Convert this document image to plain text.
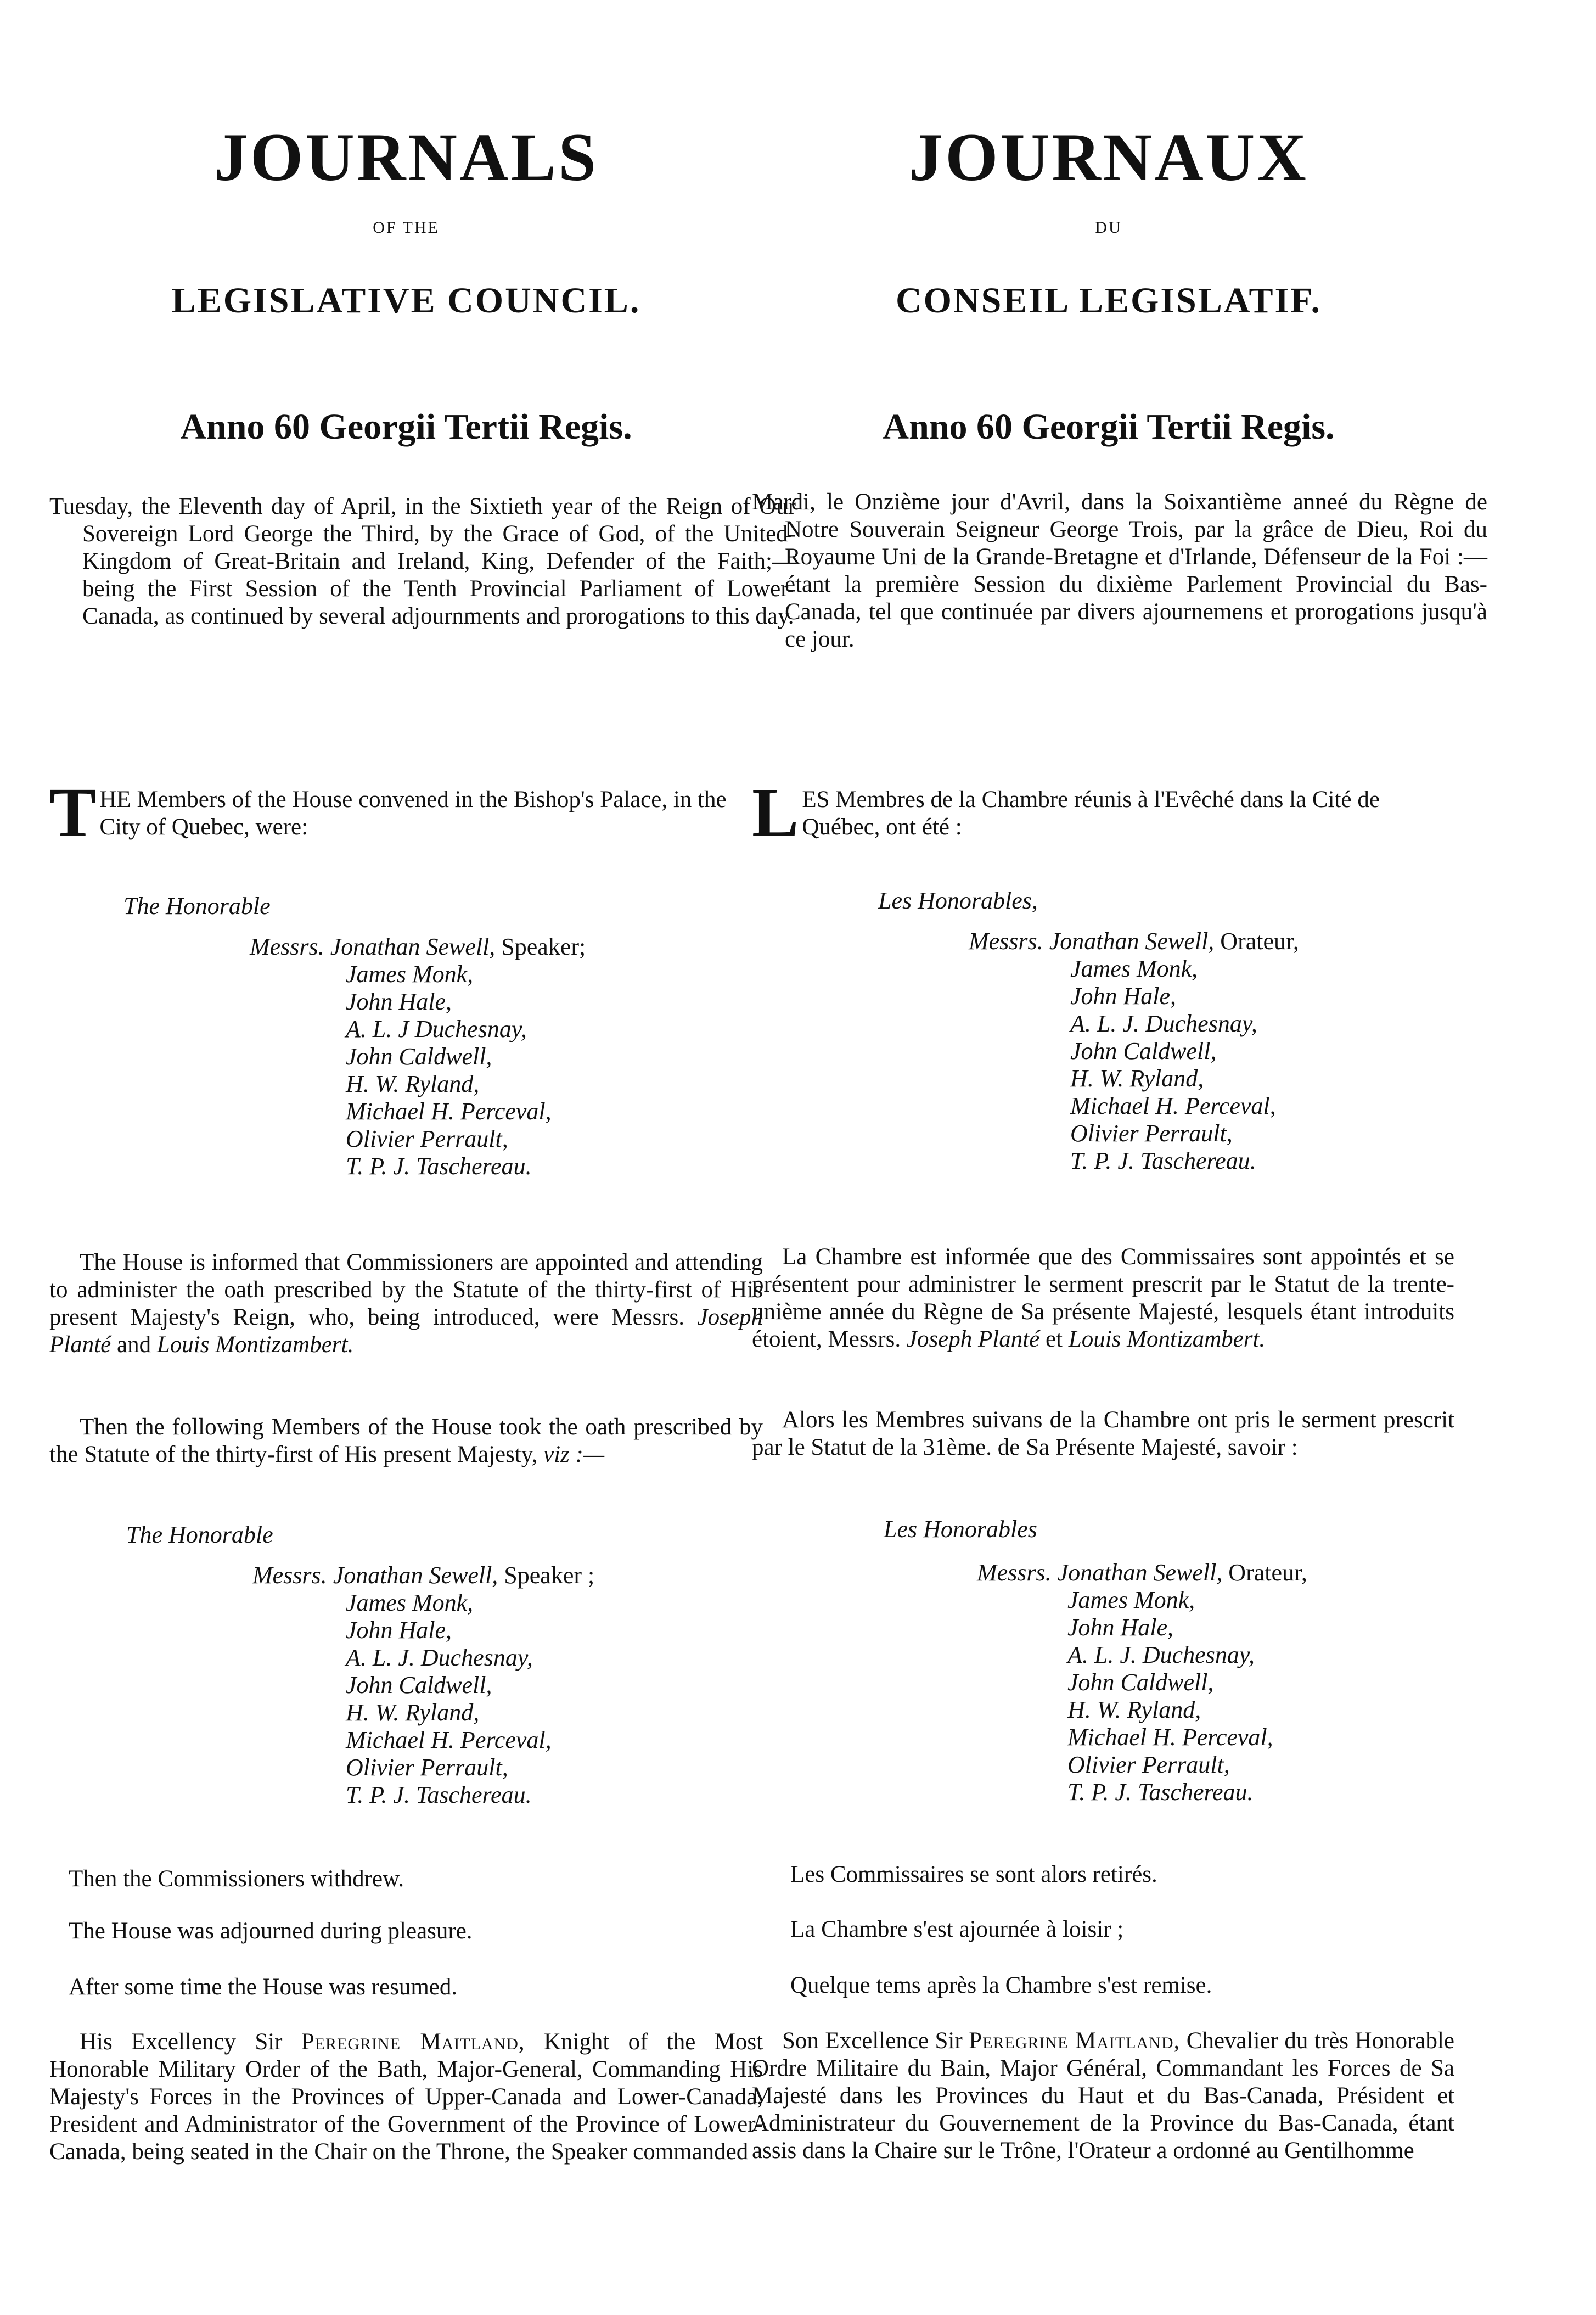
JOURNALS
OF THE
LEGISLATIVE COUNCIL.
Anno 60 Georgii Tertii Regis.
Tuesday, the Eleventh day of April, in the Sixtieth year of the Reign of Our Sovereign Lord George the Third, by the Grace of God, of the United-Kingdom of Great-Britain and Ireland, King, Defender of the Faith;—being the First Session of the Tenth Provincial Parliament of Lower-Canada, as continued by several adjournments and prorogations to this day.
THE Members of the House convened in the Bishop's Palace, in the City of Quebec, were:
The Honorable
Messrs. Jonathan Sewell, Speaker;
James Monk,
John Hale,
A. L. J Duchesnay,
John Caldwell,
H. W. Ryland,
Michael H. Perceval,
Olivier Perrault,
T. P. J. Taschereau.
The House is informed that Commissioners are appointed and attending to administer the oath prescribed by the Statute of the thirty-first of His present Majesty's Reign, who, being introduced, were Messrs. Joseph Planté and Louis Montizambert.
Then the following Members of the House took the oath prescribed by the Statute of the thirty-first of His present Majesty, viz :—
The Honorable
Messrs. Jonathan Sewell, Speaker ;
James Monk,
John Hale,
A. L. J. Duchesnay,
John Caldwell,
H. W. Ryland,
Michael H. Perceval,
Olivier Perrault,
T. P. J. Taschereau.
Then the Commissioners withdrew.
The House was adjourned during pleasure.
After some time the House was resumed.
His Excellency Sir Peregrine Maitland, Knight of the Most Honorable Military Order of the Bath, Major-General, Commanding His Majesty's Forces in the Provinces of Upper-Canada and Lower-Canada, President and Administrator of the Government of the Province of Lower-Canada, being seated in the Chair on the Throne, the Speaker commanded
JOURNAUX
DU
CONSEIL LEGISLATIF.
Anno 60 Georgii Tertii Regis.
Mardi, le Onzième jour d'Avril, dans la Soixantième anneé du Règne de Notre Souverain Seigneur George Trois, par la grâce de Dieu, Roi du Royaume Uni de la Grande-Bretagne et d'Irlande, Défenseur de la Foi :—étant la première Session du dixième Parlement Provincial du Bas-Canada, tel que continuée par divers ajournemens et prorogations jusqu'à ce jour.
LES Membres de la Chambre réunis à l'Evêché dans la Cité de Québec, ont été :
Les Honorables,
Messrs. Jonathan Sewell, Orateur,
James Monk,
John Hale,
A. L. J. Duchesnay,
John Caldwell,
H. W. Ryland,
Michael H. Perceval,
Olivier Perrault,
T. P. J. Taschereau.
La Chambre est informée que des Commissaires sont appointés et se présentent pour administrer le serment prescrit par le Statut de la trente-unième année du Règne de Sa présente Majesté, lesquels étant introduits étoient, Messrs. Joseph Planté et Louis Montizambert.
Alors les Membres suivans de la Chambre ont pris le serment prescrit par le Statut de la 31ème. de Sa Présente Majesté, savoir :
Les Honorables
Messrs. Jonathan Sewell, Orateur,
James Monk,
John Hale,
A. L. J. Duchesnay,
John Caldwell,
H. W. Ryland,
Michael H. Perceval,
Olivier Perrault,
T. P. J. Taschereau.
Les Commissaires se sont alors retirés.
La Chambre s'est ajournée à loisir ;
Quelque tems après la Chambre s'est remise.
Son Excellence Sir Peregrine Maitland, Chevalier du très Honorable Ordre Militaire du Bain, Major Général, Commandant les Forces de Sa Majesté dans les Provinces du Haut et du Bas-Canada, Président et Administrateur du Gouvernement de la Province du Bas-Canada, étant assis dans la Chaire sur le Trône, l'Orateur a ordonné au Gentilhomme
